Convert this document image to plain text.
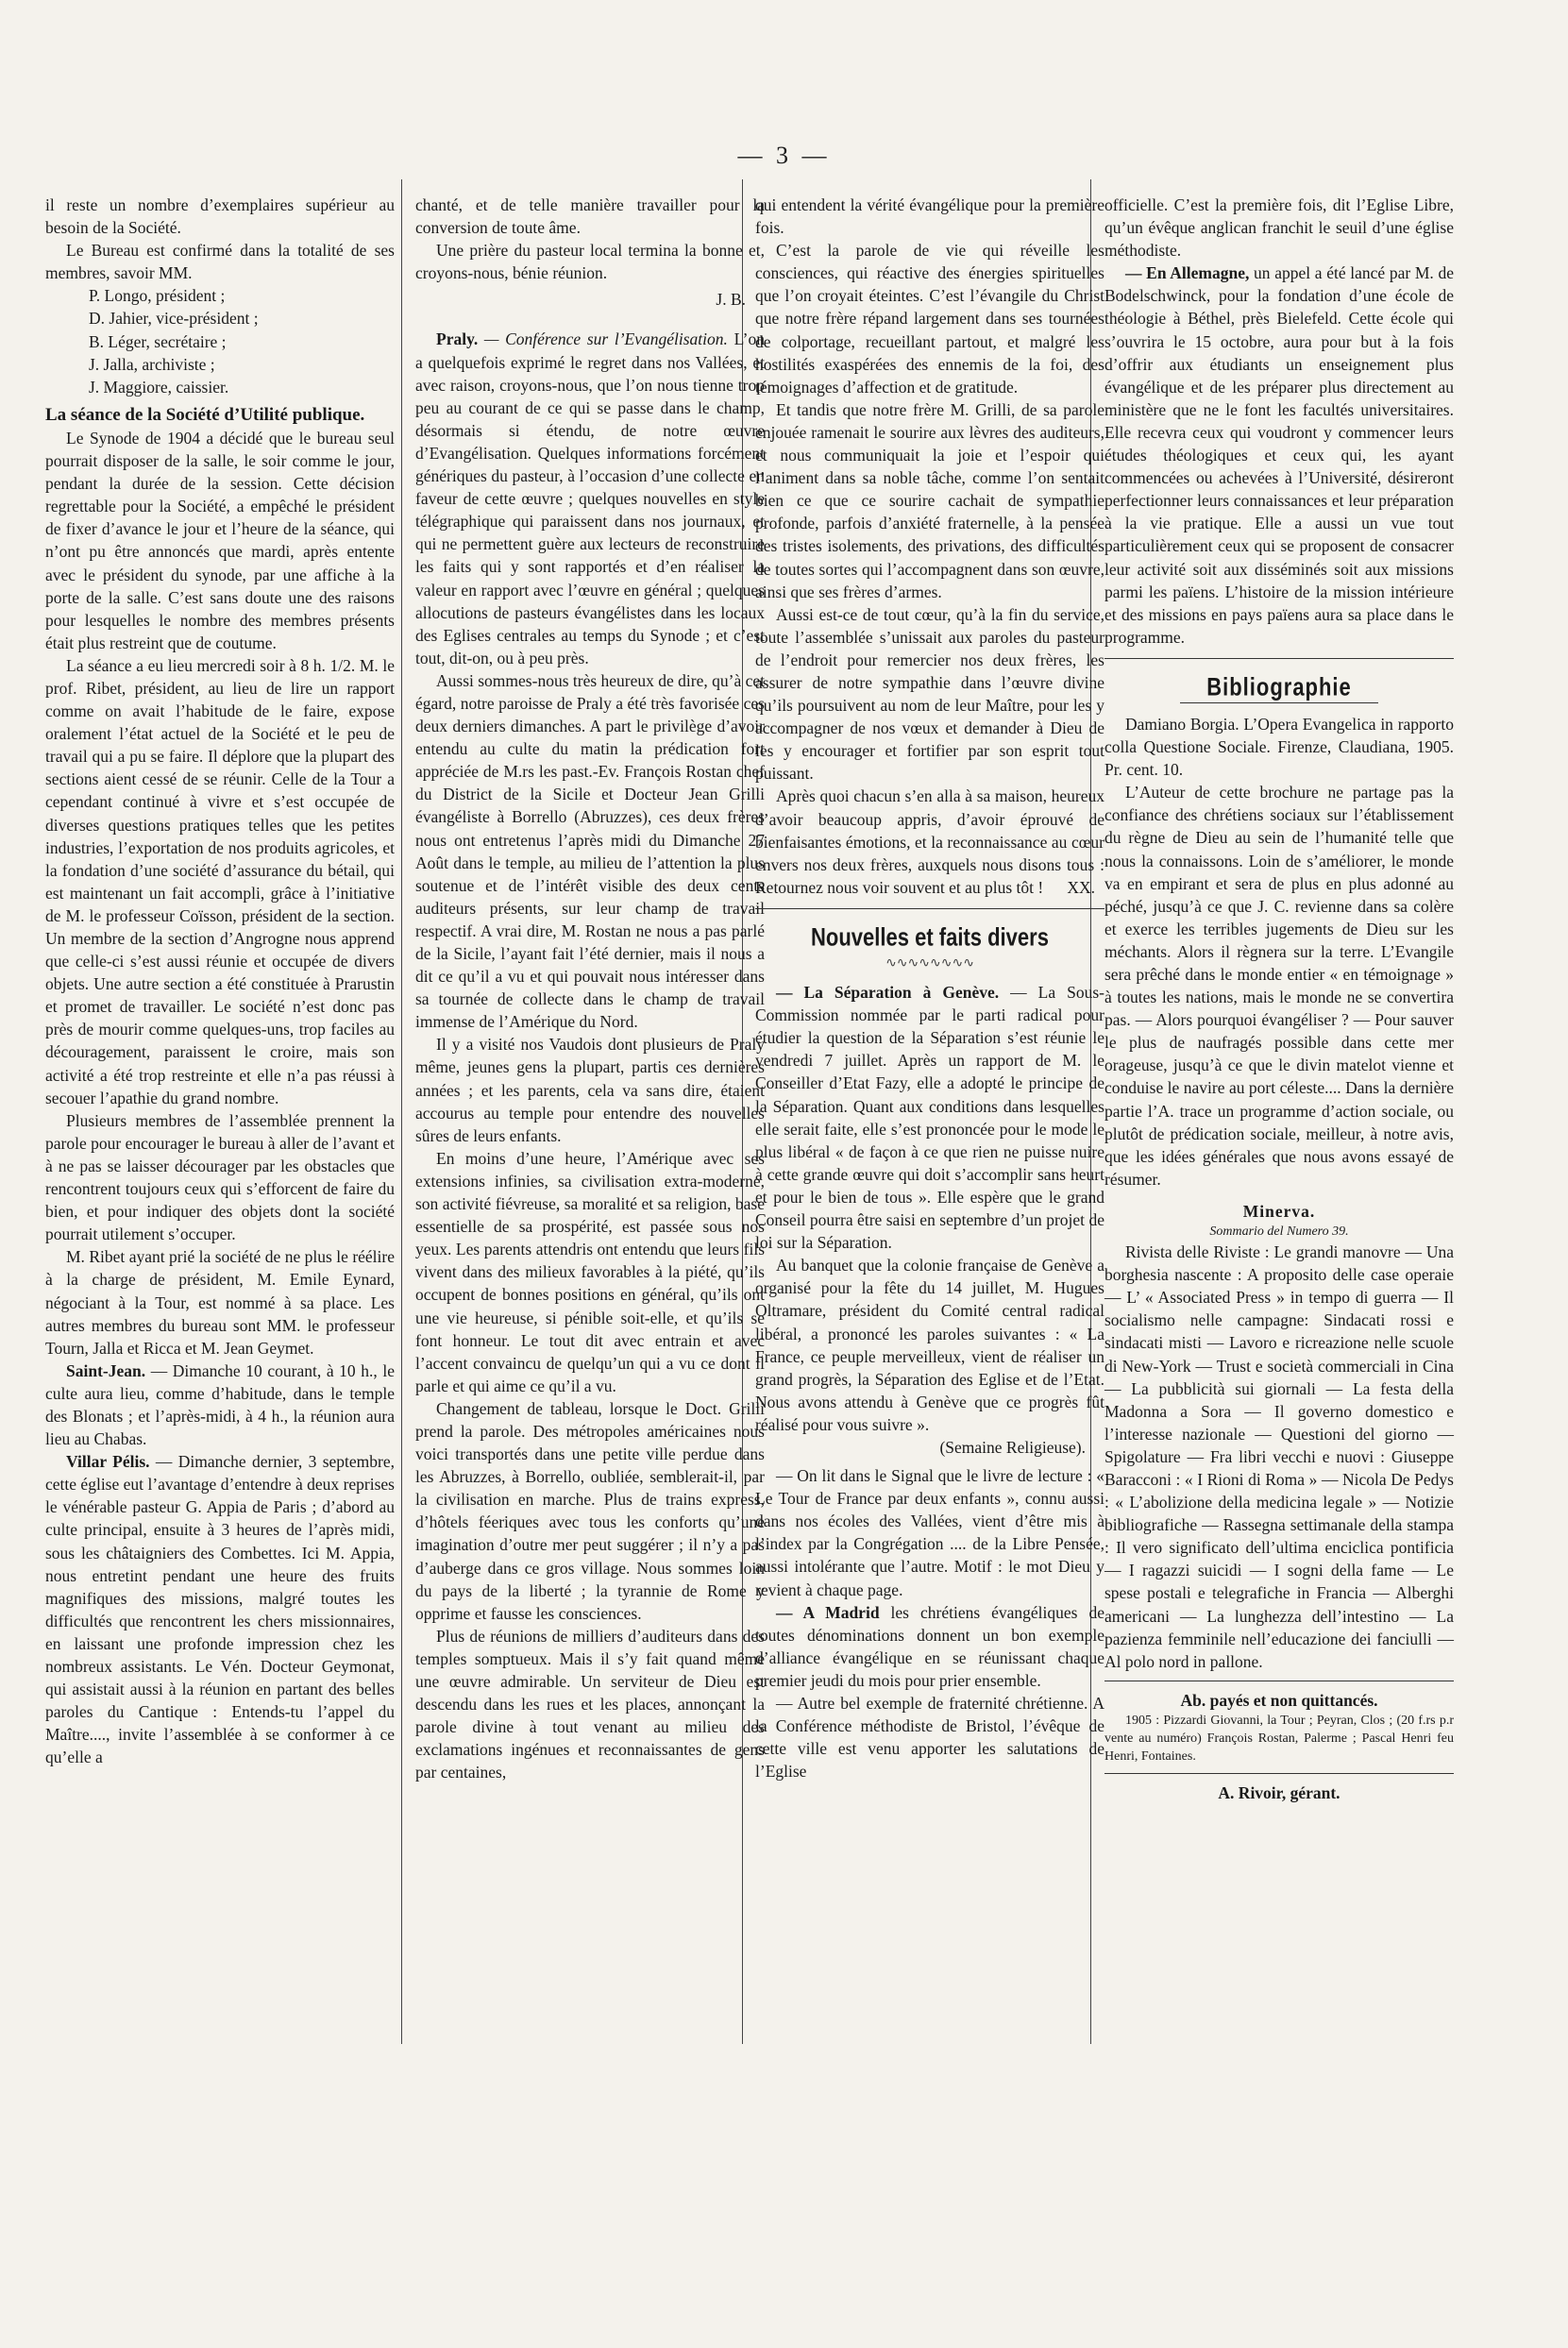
— 3 —

il reste un nombre d’exemplaires supérieur au besoin de la Société.

Le Bureau est confirmé dans la totalité de ses membres, savoir MM.

P. Longo, président ;

D. Jahier, vice-président ;

B. Léger, secrétaire ;

J. Jalla, archiviste ;

J. Maggiore, caissier.

La séance de la Société d’Utilité publique.

Le Synode de 1904 a décidé que le bureau seul pourrait disposer de la salle, le soir comme le jour, pendant la durée de la session. Cette décision regrettable pour la Société, a empêché le président de fixer d’avance le jour et l’heure de la séance, qui n’ont pu être annoncés que mardi, après entente avec le président du synode, par une affiche à la porte de la salle. C’est sans doute une des raisons pour lesquelles le nombre des membres présents était plus restreint que de coutume.

La séance a eu lieu mercredi soir à 8 h. 1/2. M. le prof. Ribet, président, au lieu de lire un rapport comme on avait l’habitude de le faire, expose oralement l’état actuel de la Société et le peu de travail qui a pu se faire. Il déplore que la plupart des sections aient cessé de se réunir. Celle de la Tour a cependant continué à vivre et s’est occupée de diverses questions pratiques telles que les petites industries, l’exportation de nos produits agricoles, et la fondation d’une société d’assurance du bétail, qui est maintenant un fait accompli, grâce à l’initiative de M. le professeur Coïsson, président de la section. Un membre de la section d’Angrogne nous apprend que celle-ci s’est aussi réunie et occupée de divers objets. Une autre section a été constituée à Prarustin et promet de travailler. Le société n’est donc pas près de mourir comme quelques-uns, trop faciles au découragement, paraissent le croire, mais son activité a été trop restreinte et elle n’a pas réussi à secouer l’apathie du grand nombre.

Plusieurs membres de l’assemblée prennent la parole pour encourager le bureau à aller de l’avant et à ne pas se laisser décourager par les obstacles que rencontrent toujours ceux qui s’efforcent de faire du bien, et pour indiquer des objets dont la société pourrait utilement s’occuper.

M. Ribet ayant prié la société de ne plus le réélire à la charge de président, M. Emile Eynard, négociant à la Tour, est nommé à sa place. Les autres membres du bureau sont MM. le professeur Tourn, Jalla et Ricca et M. Jean Geymet.

Saint-Jean. — Dimanche 10 courant, à 10 h., le culte aura lieu, comme d’habitude, dans le temple des Blonats ; et l’après-midi, à 4 h., la réunion aura lieu au Chabas.

Villar Pélis. — Dimanche dernier, 3 septembre, cette église eut l’avantage d’entendre à deux reprises le vénérable pasteur G. Appia de Paris ; d’abord au culte principal, ensuite à 3 heures de l’après midi, sous les châtaigniers des Combettes. Ici M. Appia, nous entretint pendant une heure des fruits magnifiques des missions, malgré toutes les difficultés que rencontrent les chers missionnaires, en laissant une profonde impression chez les nombreux assistants. Le Vén. Docteur Geymonat, qui assistait aussi à la réunion en partant des belles paroles du Cantique : Entends-tu l’appel du Maître...., invite l’assemblée à se conformer à ce qu’elle a

chanté, et de telle manière travailler pour la conversion de toute âme.

Une prière du pasteur local termina la bonne et, croyons-nous, bénie réunion.

J. B.

Praly. — Conférence sur l’Evangélisation. L’on a quelquefois exprimé le regret dans nos Vallées, et avec raison, croyons-nous, que l’on nous tienne trop peu au courant de ce qui se passe dans le champ, désormais si étendu, de notre œuvre d’Evangélisation. Quelques informations forcément génériques du pasteur, à l’occasion d’une collecte en faveur de cette œuvre ; quelques nouvelles en style télégraphique qui paraissent dans nos journaux, et qui ne permettent guère aux lecteurs de reconstruire les faits qui y sont rapportés et d’en réaliser la valeur en rapport avec l’œuvre en général ; quelques allocutions de pasteurs évangélistes dans les locaux des Eglises centrales au temps du Synode ; et c’est tout, dit-on, ou à peu près.

Aussi sommes-nous très heureux de dire, qu’à cet égard, notre paroisse de Praly a été très favorisée ces deux derniers dimanches. A part le privilège d’avoir entendu au culte du matin la prédication fort appréciée de M.rs les past.-Ev. François Rostan chef du District de la Sicile et Docteur Jean Grilli évangéliste à Borrello (Abruzzes), ces deux frères nous ont entretenus l’après midi du Dimanche 27 Août dans le temple, au milieu de l’attention la plus soutenue et de l’intérêt visible des deux cents auditeurs présents, sur leur champ de travail respectif. A vrai dire, M. Rostan ne nous a pas parlé de la Sicile, l’ayant fait l’été dernier, mais il nous a dit ce qu’il a vu et qui pouvait nous intéresser dans sa tournée de collecte dans le champ de travail immense de l’Amérique du Nord.

Il y a visité nos Vaudois dont plusieurs de Praly même, jeunes gens la plupart, partis ces dernières années ; et les parents, cela va sans dire, étaient accourus au temple pour entendre des nouvelles sûres de leurs enfants.

En moins d’une heure, l’Amérique avec ses extensions infinies, sa civilisation extra-moderne, son activité fiévreuse, sa moralité et sa religion, base essentielle de sa prospérité, est passée sous nos yeux. Les parents attendris ont entendu que leurs fils vivent dans des milieux favorables à la piété, qu’ils occupent de bonnes positions en général, qu’ils ont une vie heureuse, si pénible soit-elle, et qu’ils se font honneur. Le tout dit avec entrain et avec l’accent convaincu de quelqu’un qui a vu ce dont il parle et qui aime ce qu’il a vu.

Changement de tableau, lorsque le Doct. Grilli prend la parole. Des métropoles américaines nous voici transportés dans une petite ville perdue dans les Abruzzes, à Borrello, oubliée, semblerait-il, par la civilisation en marche. Plus de trains express, d’hôtels féeriques avec tous les conforts qu’une imagination d’outre mer peut suggérer ; il n’y a pas d’auberge dans ce gros village. Nous sommes loin du pays de la liberté ; la tyrannie de Rome y opprime et fausse les consciences.

Plus de réunions de milliers d’auditeurs dans des temples somptueux. Mais il s’y fait quand même une œuvre admirable. Un serviteur de Dieu est descendu dans les rues et les places, annonçant la parole divine à tout venant au milieu des exclamations ingénues et reconnaissantes de gens par centaines,

qui entendent la vérité évangélique pour la première fois.

C’est la parole de vie qui réveille les consciences, qui réactive des énergies spirituelles que l’on croyait éteintes. C’est l’évangile du Christ que notre frère répand largement dans ses tournées de colportage, recueillant partout, et malgré les hostilités exaspérées des ennemis de la foi, des témoignages d’affection et de gratitude.

Et tandis que notre frère M. Grilli, de sa parole enjouée ramenait le sourire aux lèvres des auditeurs, et nous communiquait la joie et l’espoir qui l’animent dans sa noble tâche, comme l’on sentait bien ce que ce sourire cachait de sympathie profonde, parfois d’anxiété fraternelle, à la pensée des tristes isolements, des privations, des difficultés de toutes sortes qui l’accompagnent dans son œuvre, ainsi que ses frères d’armes.

Aussi est-ce de tout cœur, qu’à la fin du service, toute l’assemblée s’unissait aux paroles du pasteur de l’endroit pour remercier nos deux frères, les assurer de notre sympathie dans l’œuvre divine qu’ils poursuivent au nom de leur Maître, pour les y accompagner de nos vœux et demander à Dieu de les y encourager et fortifier par son esprit tout puissant.

Après quoi chacun s’en alla à sa maison, heureux d’avoir beaucoup appris, d’avoir éprouvé de bienfaisantes émotions, et la reconnaissance au cœur envers nos deux frères, auxquels nous disons tous : Retournez nous voir souvent et au plus tôt !	XX.

Nouvelles et faits divers
∿∿∿∿∿∿∿∿

— La Séparation à Genève. — La Sous-Commission nommée par le parti radical pour étudier la question de la Séparation s’est réunie le vendredi 7 juillet. Après un rapport de M. le Conseiller d’Etat Fazy, elle a adopté le principe de la Séparation. Quant aux conditions dans lesquelles elle serait faite, elle s’est prononcée pour le mode le plus libéral « de façon à ce que rien ne puisse nuire à cette grande œuvre qui doit s’accomplir sans heurt et pour le bien de tous ». Elle espère que le grand Conseil pourra être saisi en septembre d’un projet de loi sur la Séparation.

Au banquet que la colonie française de Genève a organisé pour la fête du 14 juillet, M. Hugues Oltramare, président du Comité central radical libéral, a prononcé les paroles suivantes : « La France, ce peuple merveilleux, vient de réaliser un grand progrès, la Séparation des Eglise et de l’Etat. Nous avons attendu à Genève que ce progrès fût réalisé pour vous suivre ».

(Semaine Religieuse).

— On lit dans le Signal que le livre de lecture : « Le Tour de France par deux enfants », connu aussi dans nos écoles des Vallées, vient d’être mis à l’index par la Congrégation .... de la Libre Pensée, aussi intolérante que l’autre. Motif : le mot Dieu y revient à chaque page.

— A Madrid les chrétiens évangéliques de toutes dénominations donnent un bon exemple d’alliance évangélique en se réunissant chaque premier jeudi du mois pour prier ensemble.

— Autre bel exemple de fraternité chrétienne. A la Conférence méthodiste de Bristol, l’évêque de cette ville est venu apporter les salutations de l’Eglise

officielle. C’est la première fois, dit l’Eglise Libre, qu’un évêque anglican franchit le seuil d’une église méthodiste.

— En Allemagne, un appel a été lancé par M. de Bodelschwinck, pour la fondation d’une école de théologie à Béthel, près Bielefeld. Cette école qui s’ouvrira le 15 octobre, aura pour but à la fois d’offrir aux étudiants un enseignement plus évangélique et de les préparer plus directement au ministère que ne le font les facultés universitaires. Elle recevra ceux qui voudront y commencer leurs études théologiques et ceux qui, les ayant commencées ou achevées à l’Université, désireront perfectionner leurs connaissances et leur préparation à la vie pratique. Elle a aussi un vue tout particulièrement ceux qui se proposent de consacrer leur activité soit aux disséminés soit aux missions parmi les païens. L’histoire de la mission intérieure et des missions en pays païens aura sa place dans le programme.

Bibliographie

Damiano Borgia. L’Opera Evangelica in rapporto colla Questione Sociale. Firenze, Claudiana, 1905. Pr. cent. 10.

L’Auteur de cette brochure ne partage pas la confiance des chrétiens sociaux sur l’établissement du règne de Dieu au sein de l’humanité telle que nous la connaissons. Loin de s’améliorer, le monde va en empirant et sera de plus en plus adonné au péché, jusqu’à ce que J. C. revienne dans sa colère et exerce les terribles jugements de Dieu sur les méchants. Alors il règnera sur la terre. L’Evangile sera prêché dans le monde entier « en témoignage » à toutes les nations, mais le monde ne se convertira pas. — Alors pourquoi évangéliser ? — Pour sauver le plus de naufragés possible dans cette mer orageuse, jusqu’à ce que le divin matelot vienne et conduise le navire au port céleste.... Dans la dernière partie l’A. trace un programme d’action sociale, ou plutôt de prédication sociale, meilleur, à notre avis, que les idées générales que nous avons essayé de résumer.

Minerva.

Sommario del Numero 39.

Rivista delle Riviste : Le grandi manovre — Una borghesia nascente : A proposito delle case operaie — L’ « Associated Press » in tempo di guerra — Il socialismo nelle campagne: Sindacati rossi e sindacati misti — Lavoro e ricreazione nelle scuole di New-York — Trust e società commerciali in Cina — La pubblicità sui giornali — La festa della Madonna a Sora — Il governo domestico e l’interesse nazionale — Questioni del giorno — Spigolature — Fra libri vecchi e nuovi : Giuseppe Baracconi : « I Rioni di Roma » — Nicola De Pedys : « L’abolizione della medicina legale » — Notizie bibliografiche — Rassegna settimanale della stampa : Il vero significato dell’ultima enciclica pontificia — I ragazzi suicidi — I sogni della fame — Le spese postali e telegrafiche in Francia — Alberghi americani — La lunghezza dell’intestino — La pazienza femminile nell’educazione dei fanciulli — Al polo nord in pallone.

Ab. payés et non quittancés.

1905 : Pizzardi Giovanni, la Tour ; Peyran, Clos ; (20 f.rs p.r vente au numéro) François Rostan, Palerme ; Pascal Henri feu Henri, Fontaines.

A. Rivoir, gérant.
